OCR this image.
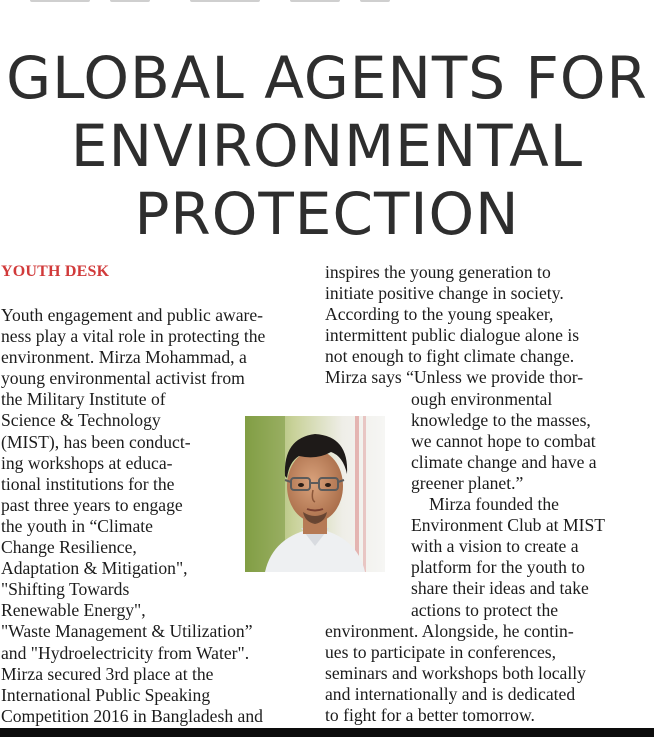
GLOBAL AGENTS FOR
ENVIRONMENTAL
PROTECTION
YOUTH DESK
Youth engagement and public aware-
ness play a vital role in protecting the
environment. Mirza Mohammad, a
young environmental activist from
the Military Institute of
Science & Technology
(MIST), has been conduct-
ing workshops at educa-
tional institutions for the
past three years to engage
the youth in “Climate
Change Resilience,
Adaptation & Mitigation",
"Shifting Towards
Renewable Energy",
"Waste Management & Utilization”
and "Hydroelectricity from Water".
Mirza secured 3rd place at the
International Public Speaking
Competition 2016 in Bangladesh and
inspires the young generation to
initiate positive change in society.
According to the young speaker,
intermittent public dialogue alone is
not enough to fight climate change.
Mirza says “Unless we provide thor-
ough environmental
knowledge to the masses,
we cannot hope to combat
climate change and have a
greener planet.”
Mirza founded the
Environment Club at MIST
with a vision to create a
platform for the youth to
share their ideas and take
actions to protect the
environment. Alongside, he contin-
ues to participate in conferences,
seminars and workshops both locally
and internationally and is dedicated
to fight for a better tomorrow.
